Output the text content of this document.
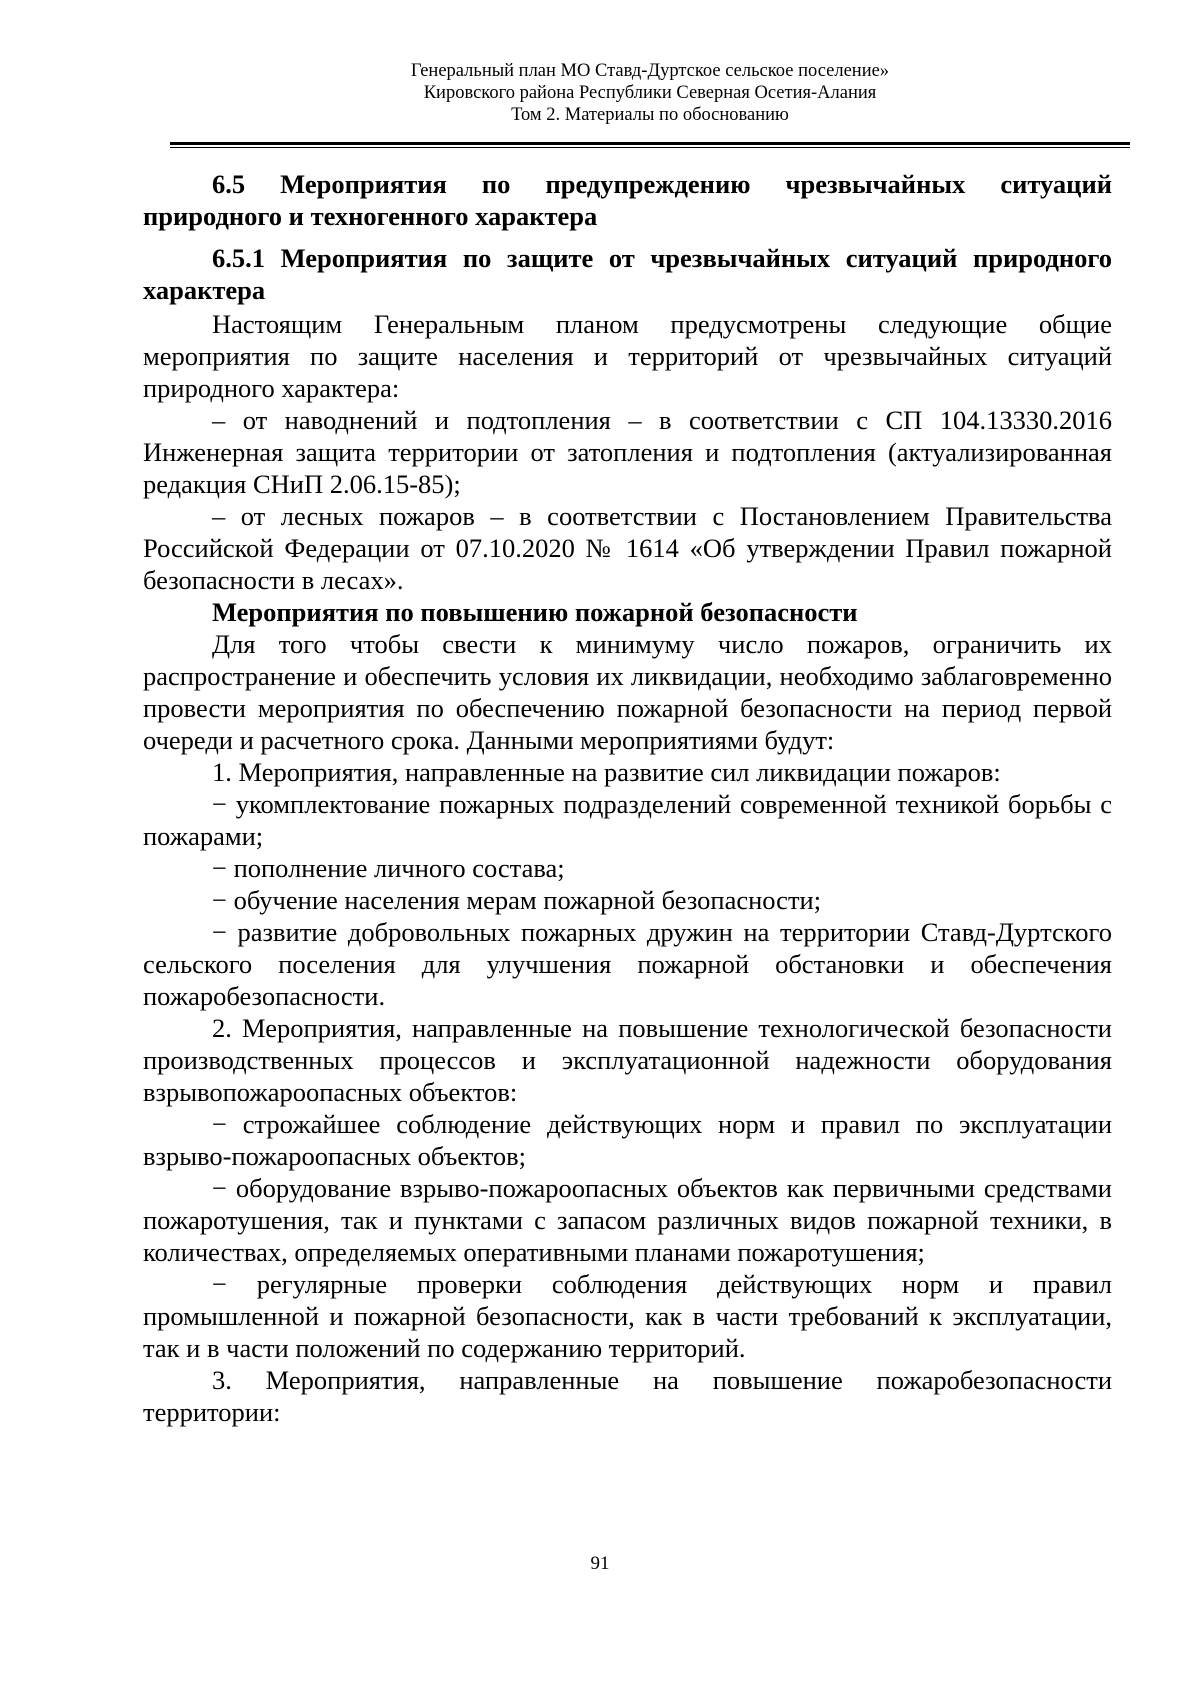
Генеральный план МО Ставд-Дуртское сельское поселение»
Кировского района Республики Северная Осетия-Алания
Том 2. Материалы по обоснованию

6.5 Мероприятия по предупреждению чрезвычайных ситуаций природного и техногенного характера

6.5.1 Мероприятия по защите от чрезвычайных ситуаций природного характера

Настоящим Генеральным планом предусмотрены следующие общие мероприятия по защите населения и территорий от чрезвычайных ситуаций природного характера:

– от наводнений и подтопления – в соответствии с СП 104.13330.2016 Инженерная защита территории от затопления и подтопления (актуализированная редакция СНиП 2.06.15-85);

– от лесных пожаров – в соответствии с Постановлением Правительства Российской Федерации от 07.10.2020 № 1614 «Об утверждении Правил пожарной безопасности в лесах».

Мероприятия по повышению пожарной безопасности

Для того чтобы свести к минимуму число пожаров, ограничить их распространение и обеспечить условия их ликвидации, необходимо заблаговременно провести мероприятия по обеспечению пожарной безопасности на период первой очереди и расчетного срока. Данными мероприятиями будут:

1. Мероприятия, направленные на развитие сил ликвидации пожаров:

− укомплектование пожарных подразделений современной техникой борьбы с пожарами;

− пополнение личного состава;

− обучение населения мерам пожарной безопасности;

− развитие добровольных пожарных дружин на территории Ставд-Дуртского сельского поселения для улучшения пожарной обстановки и обеспечения пожаробезопасности.

2. Мероприятия, направленные на повышение технологической безопасности производственных процессов и эксплуатационной надежности оборудования взрывопожароопасных объектов:

− строжайшее соблюдение действующих норм и правил по эксплуатации взрыво-пожароопасных объектов;

− оборудование взрыво-пожароопасных объектов как первичными средствами пожаротушения, так и пунктами с запасом различных видов пожарной техники, в количествах, определяемых оперативными планами пожаротушения;

− регулярные проверки соблюдения действующих норм и правил промышленной и пожарной безопасности, как в части требований к эксплуатации, так и в части положений по содержанию территорий.

3. Мероприятия, направленные на повышение пожаробезопасности территории:

91
